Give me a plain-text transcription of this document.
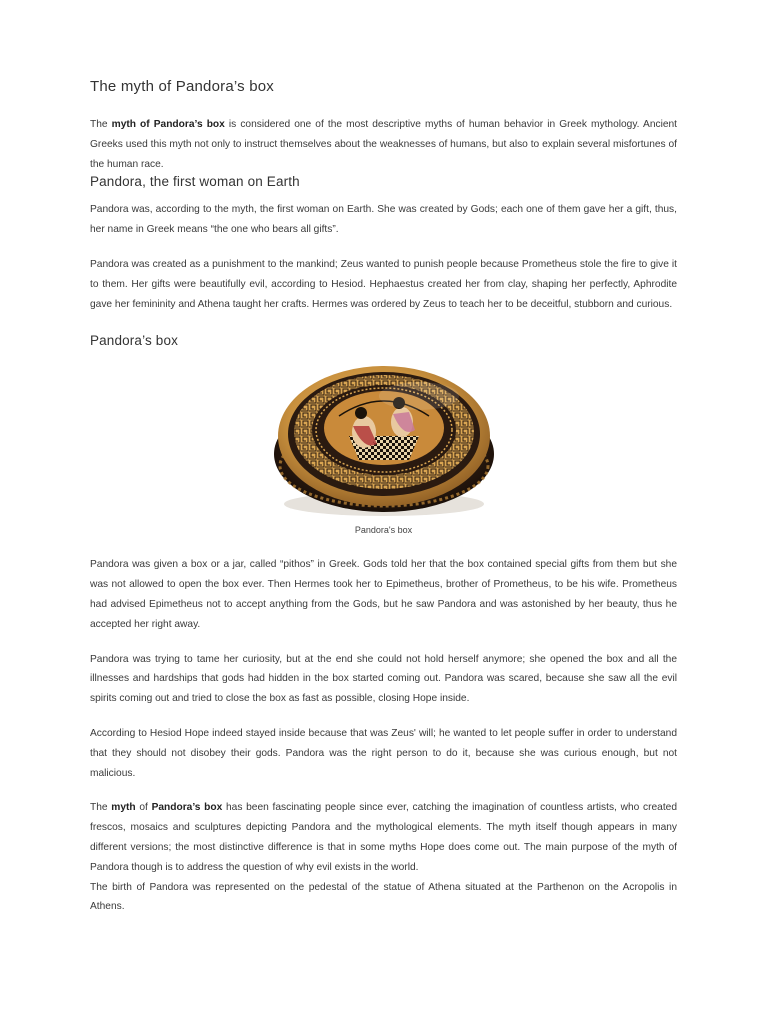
The myth of Pandora’s box

The myth of Pandora’s box is considered one of the most descriptive myths of human behavior in Greek mythology. Ancient Greeks used this myth not only to instruct themselves about the weaknesses of humans, but also to explain several misfortunes of the human race.

Pandora, the first woman on Earth

Pandora was, according to the myth, the first woman on Earth. She was created by Gods; each one of them gave her a gift, thus, her name in Greek means “the one who bears all gifts”.

Pandora was created as a punishment to the mankind; Zeus wanted to punish people because Prometheus stole the fire to give it to them. Her gifts were beautifully evil, according to Hesiod. Hephaestus created her from clay, shaping her perfectly, Aphrodite gave her femininity and Athena taught her crafts. Hermes was ordered by Zeus to teach her to be deceitful, stubborn and curious.

Pandora’s box
Pandora's box

Pandora was given a box or a jar, called “pithos” in Greek. Gods told her that the box contained special gifts from them but she was not allowed to open the box ever. Then Hermes took her to Epimetheus, brother of Prometheus, to be his wife. Prometheus had advised Epimetheus not to accept anything from the Gods, but he saw Pandora and was astonished by her beauty, thus he accepted her right away.

Pandora was trying to tame her curiosity, but at the end she could not hold herself anymore; she opened the box and all the illnesses and hardships that gods had hidden in the box started coming out. Pandora was scared, because she saw all the evil spirits coming out and tried to close the box as fast as possible, closing Hope inside.

According to Hesiod Hope indeed stayed inside because that was Zeus' will; he wanted to let people suffer in order to understand that they should not disobey their gods. Pandora was the right person to do it, because she was curious enough, but not malicious.

The myth of Pandora’s box has been fascinating people since ever, catching the imagination of countless artists, who created frescos, mosaics and sculptures depicting Pandora and the mythological elements. The myth itself though appears in many different versions; the most distinctive difference is that in some myths Hope does come out. The main purpose of the myth of Pandora though is to address the question of why evil exists in the world.

The birth of Pandora was represented on the pedestal of the statue of Athena situated at the Parthenon on the Acropolis in Athens.
